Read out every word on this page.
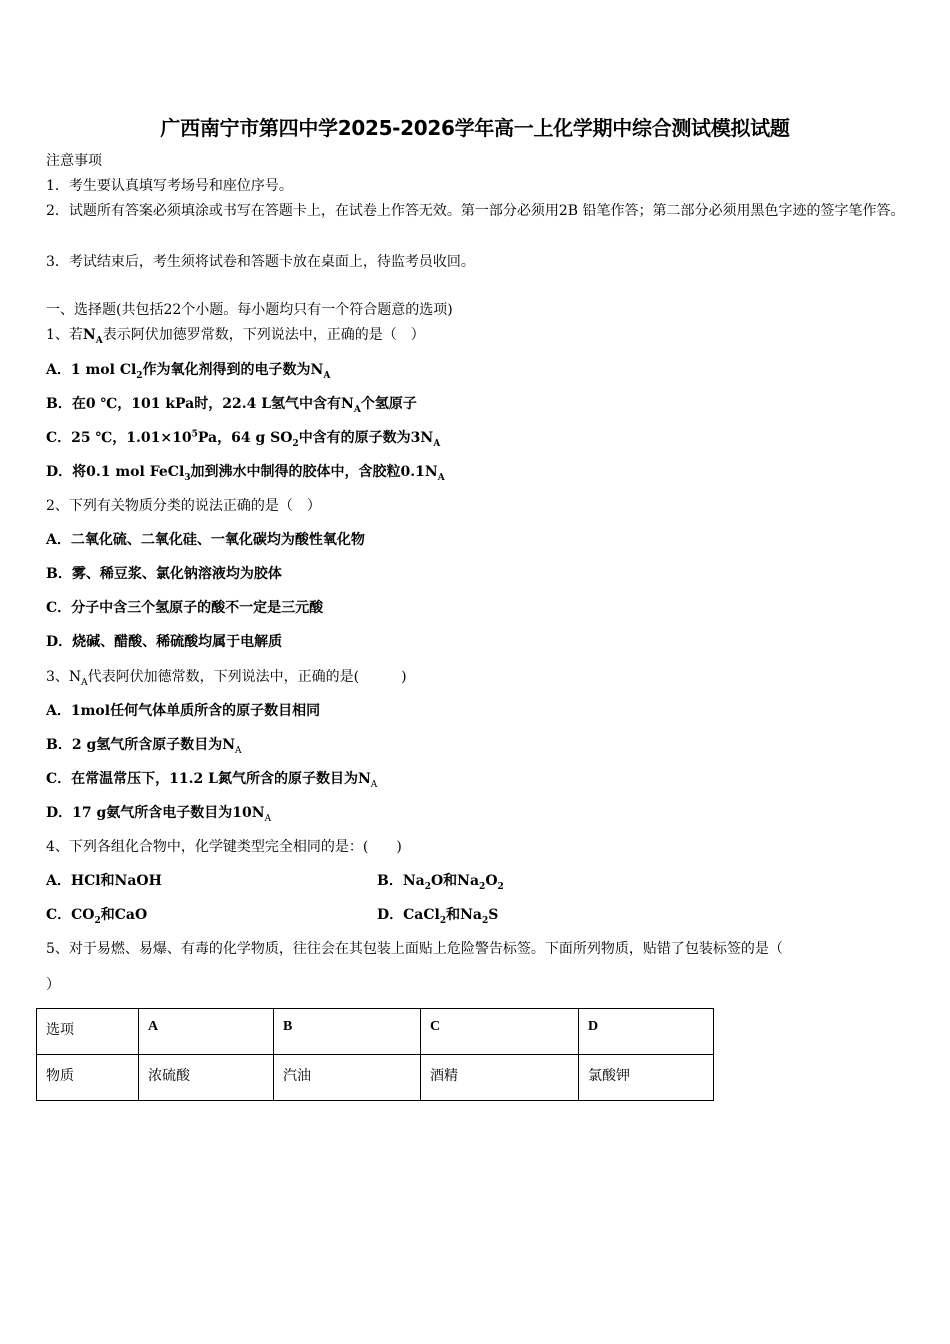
广西南宁市第四中学2025-2026学年高一上化学期中综合测试模拟试题
注意事项
1．考生要认真填写考场号和座位序号。
2．试题所有答案必须填涂或书写在答题卡上，在试卷上作答无效。第一部分必须用2B 铅笔作答；第二部分必须用黑色字迹的签字笔作答。
3．考试结束后，考生须将试卷和答题卡放在桌面上，待监考员收回。
一、选择题(共包括22个小题。每小题均只有一个符合题意的选项)
1、若$N_A$表示阿伏加德罗常数，下列说法中，正确的是（　）
A．1 mol $Cl_2$作为氧化剂得到的电子数为$N_A$
B．在0 ℃，101 kPa时，22.4 L氢气中含有$N_A$个氢原子
C．25 ℃，$1.01\times 10^5Pa$，64 g $SO_2$中含有的原子数为$3N_A$
D．将0.1 mol FeCl$_3$加到沸水中制得的胶体中，含胶粒$0.1N_A$
2、下列有关物质分类的说法正确的是（　）
A．二氧化硫、二氧化硅、一氧化碳均为酸性氧化物
B．雾、稀豆浆、氯化钠溶液均为胶体
C．分子中含三个氢原子的酸不一定是三元酸
D．烧碱、醋酸、稀硫酸均属于电解质
3、$N_A$代表阿伏加德常数，下列说法中，正确的是(　　　)
A．1mol任何气体单质所含的原子数目相同
B．2 g氢气所含原子数目为$N_A$
C．在常温常压下，11.2 L氮气所含的原子数目为$N_A$
D．17 g氨气所含电子数目为$10N_A$
4、下列各组化合物中，化学键类型完全相同的是：(　　)
A．HCl和NaOH	B．$Na_2O$和$Na_2O_2$
C．$CO_2$和CaO	D．CaCl$_2$和$Na_2S$
5、对于易燃、易爆、有毒的化学物质，往往会在其包装上面贴上危险警告标签。下面所列物质，贴错了包装标签的是（
）
选项	A	B	C	D
物质	浓硫酸	汽油	酒精	氯酸钾
